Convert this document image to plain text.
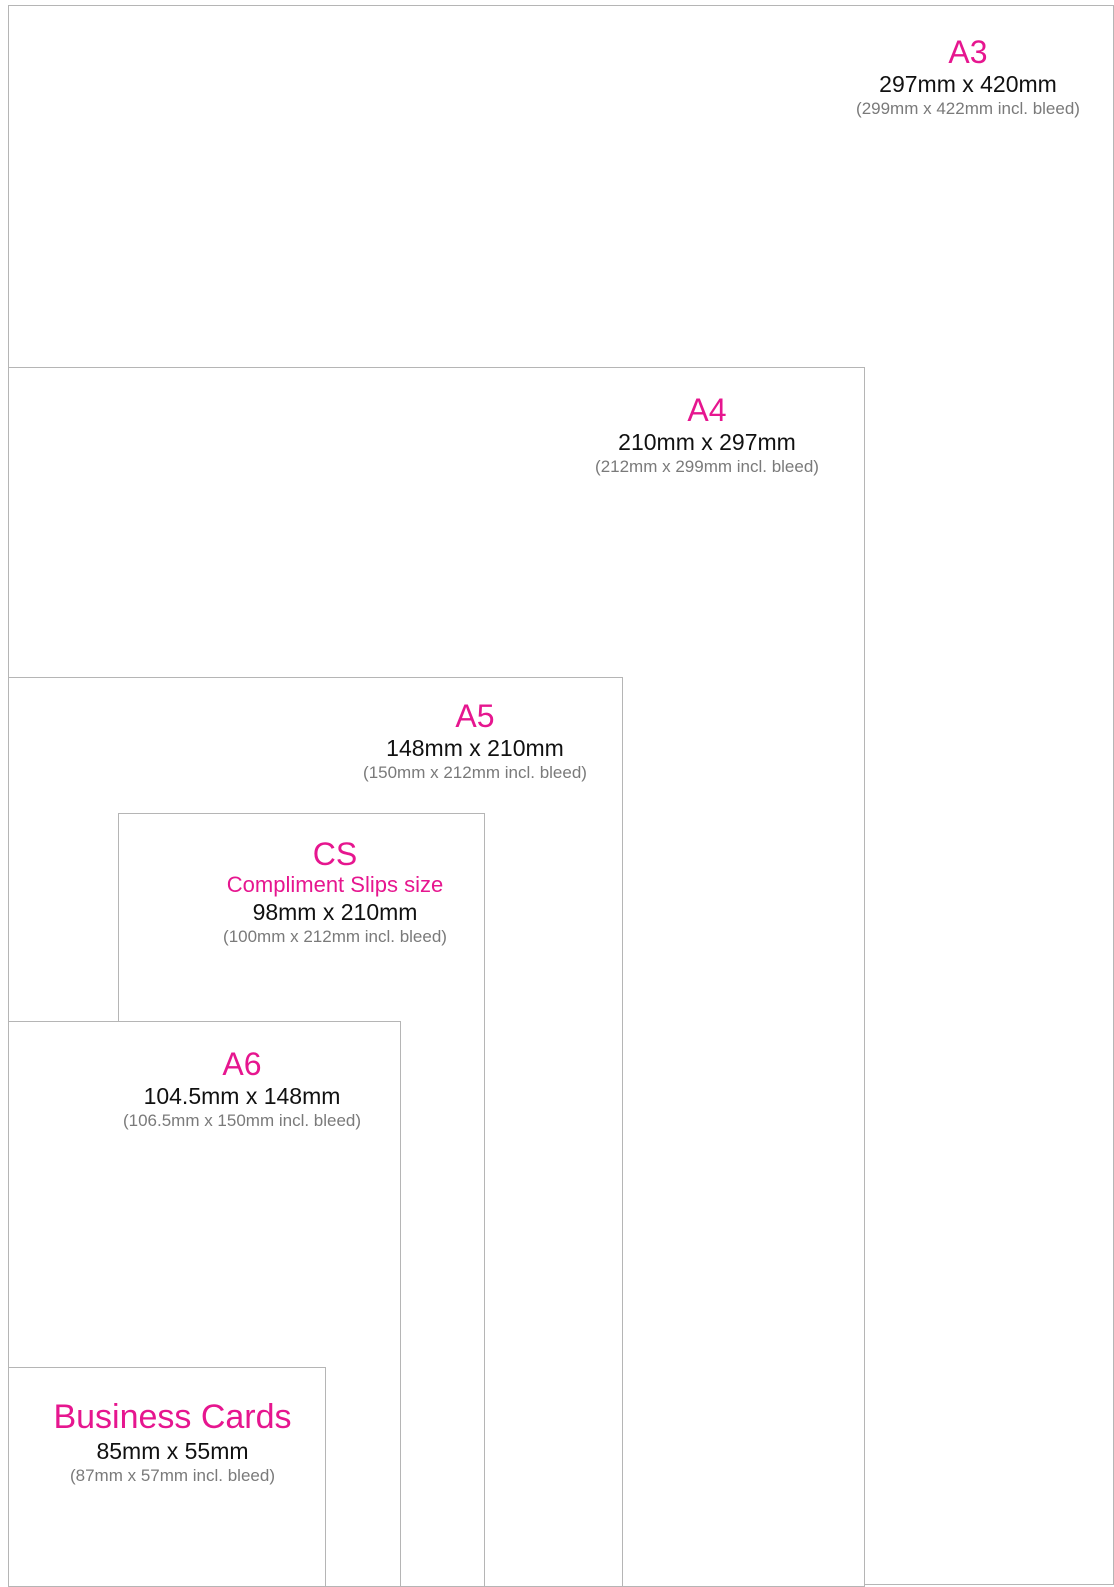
A3
297mm x 420mm
(299mm x 422mm incl. bleed)
A4
210mm x 297mm
(212mm x 299mm incl. bleed)
A5
148mm x 210mm
(150mm x 212mm incl. bleed)
CS
Compliment Slips size
98mm x 210mm
(100mm x 212mm incl. bleed)
A6
104.5mm x 148mm
(106.5mm x 150mm incl. bleed)
Business Cards
85mm x 55mm
(87mm x 57mm incl. bleed)
